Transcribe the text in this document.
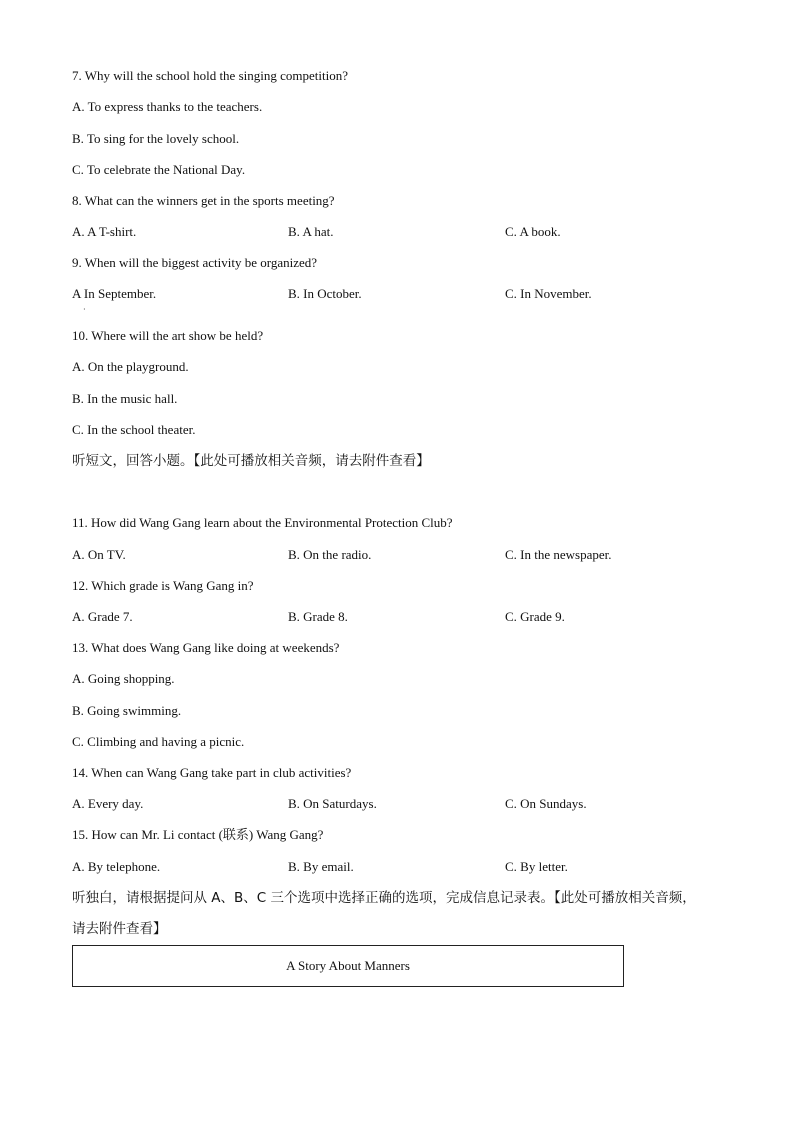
7. Why will the school hold the singing competition?
A. To express thanks to the teachers.
B. To sing for the lovely school.
C. To celebrate the National Day.
8. What can the winners get in the sports meeting?
A. A T-shirt.	B. A hat.	C. A book.
9. When will the biggest activity be organized?
A In September.	B. In October.	C. In November.
·
10. Where will the art show be held?
A. On the playground.
B. In the music hall.
C. In the school theater.
听短文，回答小题。【此处可播放相关音频，请去附件查看】
11. How did Wang Gang learn about the Environmental Protection Club?
A. On TV.	B. On the radio.	C. In the newspaper.
12. Which grade is Wang Gang in?
A. Grade 7.	B. Grade 8.	C. Grade 9.
13. What does Wang Gang like doing at weekends?
A. Going shopping.
B. Going swimming.
C. Climbing and having a picnic.
14. When can Wang Gang take part in club activities?
A. Every day.	B. On Saturdays.	C. On Sundays.
15. How can Mr. Li contact (联系) Wang Gang?
A. By telephone.	B. By email.	C. By letter.
听独白，请根据提问从 A、B、C 三个选项中选择正确的选项，完成信息记录表。【此处可播放相关音频，
请去附件查看】
A Story About Manners
